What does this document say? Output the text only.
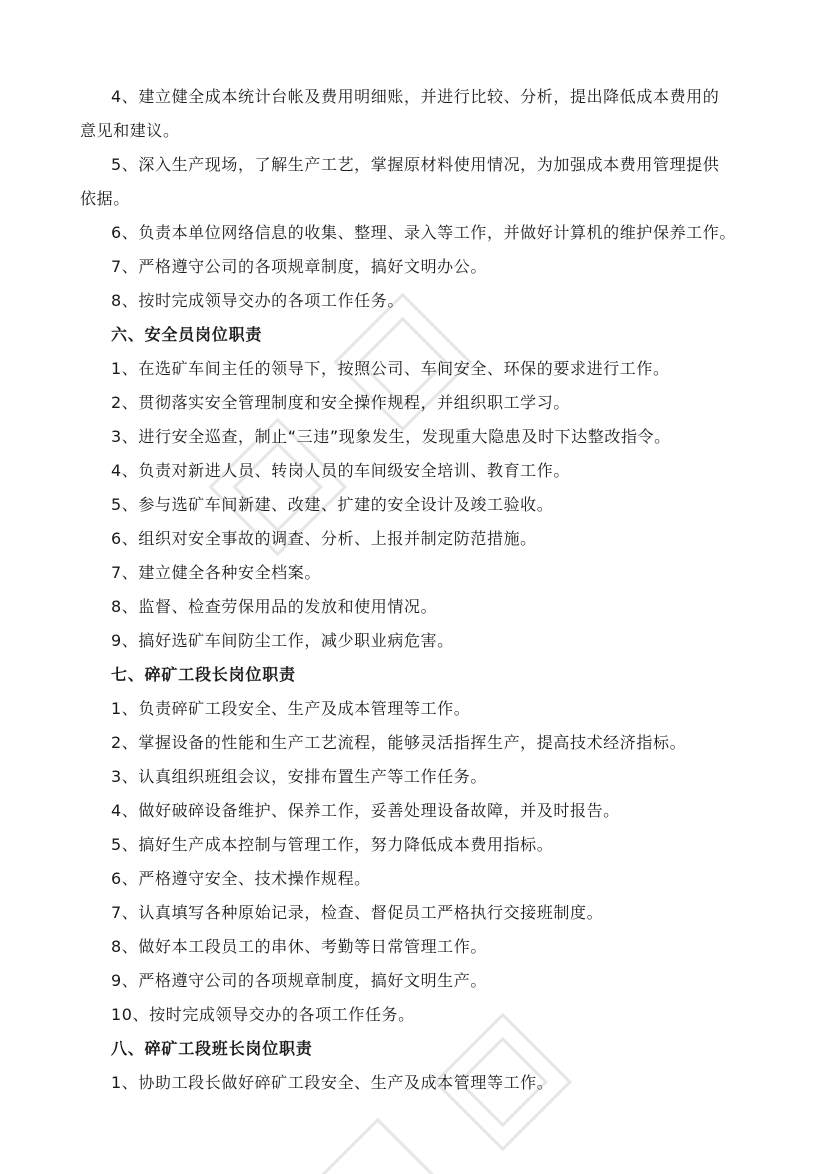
4、建立健全成本统计台帐及费用明细账，并进行比较、分析，提出降低成本费用的
意见和建议。
5、深入生产现场，了解生产工艺，掌握原材料使用情况，为加强成本费用管理提供
依据。
6、负责本单位网络信息的收集、整理、录入等工作，并做好计算机的维护保养工作。
7、严格遵守公司的各项规章制度，搞好文明办公。
8、按时完成领导交办的各项工作任务。
六、安全员岗位职责
1、在选矿车间主任的领导下，按照公司、车间安全、环保的要求进行工作。
2、贯彻落实安全管理制度和安全操作规程，并组织职工学习。
3、进行安全巡查，制止“三违”现象发生，发现重大隐患及时下达整改指令。
4、负责对新进人员、转岗人员的车间级安全培训、教育工作。
5、参与选矿车间新建、改建、扩建的安全设计及竣工验收。
6、组织对安全事故的调查、分析、上报并制定防范措施。
7、建立健全各种安全档案。
8、监督、检查劳保用品的发放和使用情况。
9、搞好选矿车间防尘工作，减少职业病危害。
七、碎矿工段长岗位职责
1、负责碎矿工段安全、生产及成本管理等工作。
2、掌握设备的性能和生产工艺流程，能够灵活指挥生产，提高技术经济指标。
3、认真组织班组会议，安排布置生产等工作任务。
4、做好破碎设备维护、保养工作，妥善处理设备故障，并及时报告。
5、搞好生产成本控制与管理工作，努力降低成本费用指标。
6、严格遵守安全、技术操作规程。
7、认真填写各种原始记录，检查、督促员工严格执行交接班制度。
8、做好本工段员工的串休、考勤等日常管理工作。
9、严格遵守公司的各项规章制度，搞好文明生产。
10、按时完成领导交办的各项工作任务。
八、碎矿工段班长岗位职责
1、协助工段长做好碎矿工段安全、生产及成本管理等工作。
